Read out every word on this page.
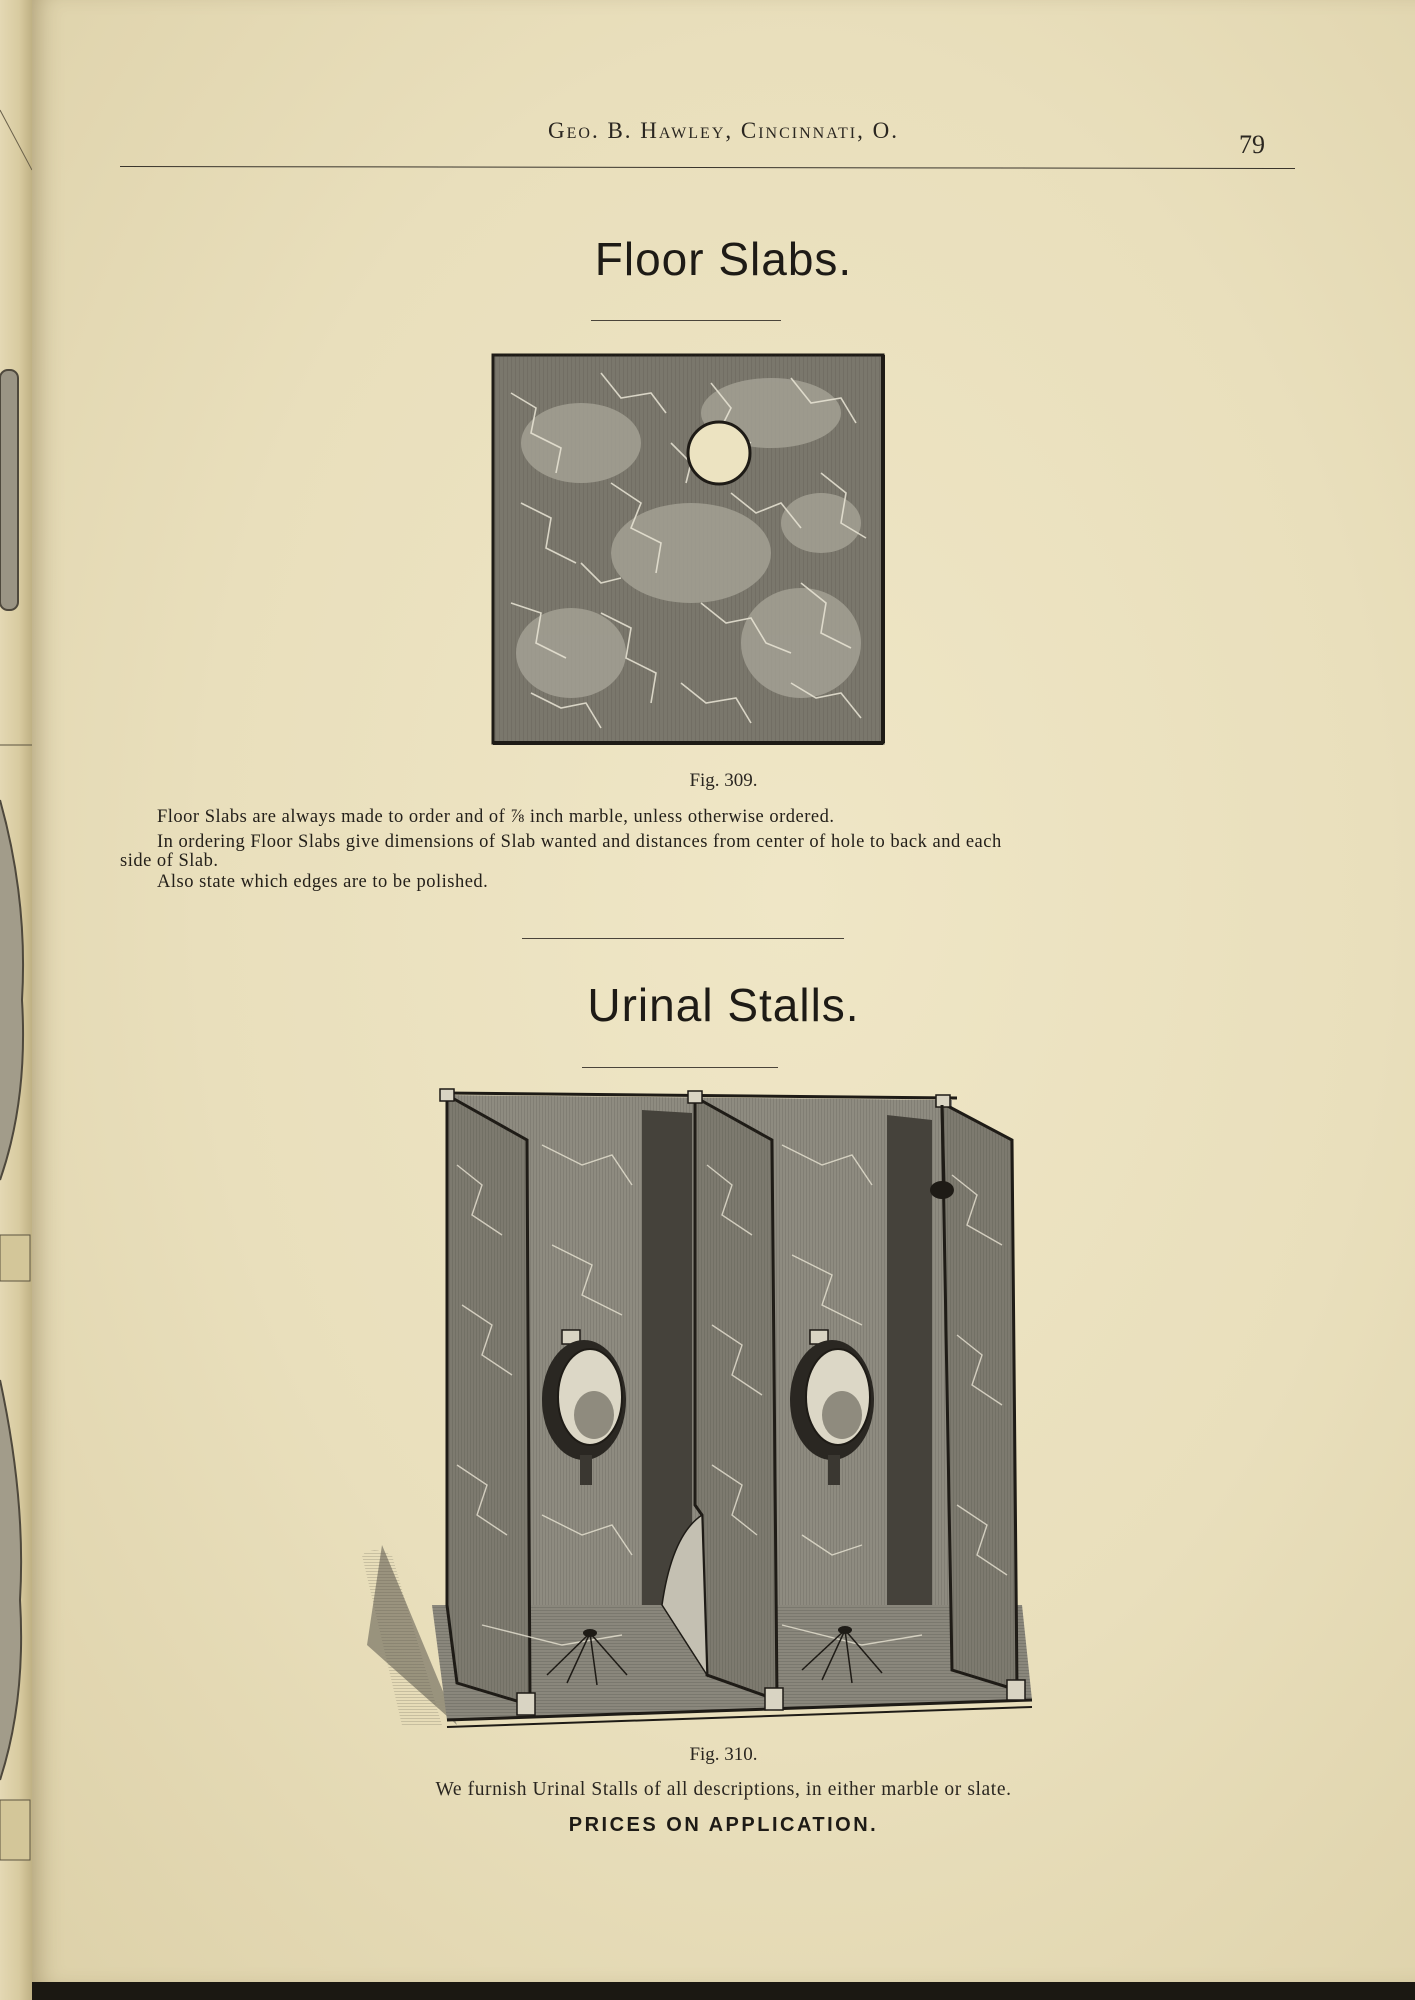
Geo. B. Hawley, Cincinnati, O.	79
Floor Slabs.
Fig. 309.
Floor Slabs are always made to order and of ⅞ inch marble, unless otherwise ordered.
In ordering Floor Slabs give dimensions of Slab wanted and distances from center of hole to back and each
side of Slab.
Also state which edges are to be polished.
Urinal Stalls.
Fig. 310.
We furnish Urinal Stalls of all descriptions, in either marble or slate.
PRICES ON APPLICATION.
